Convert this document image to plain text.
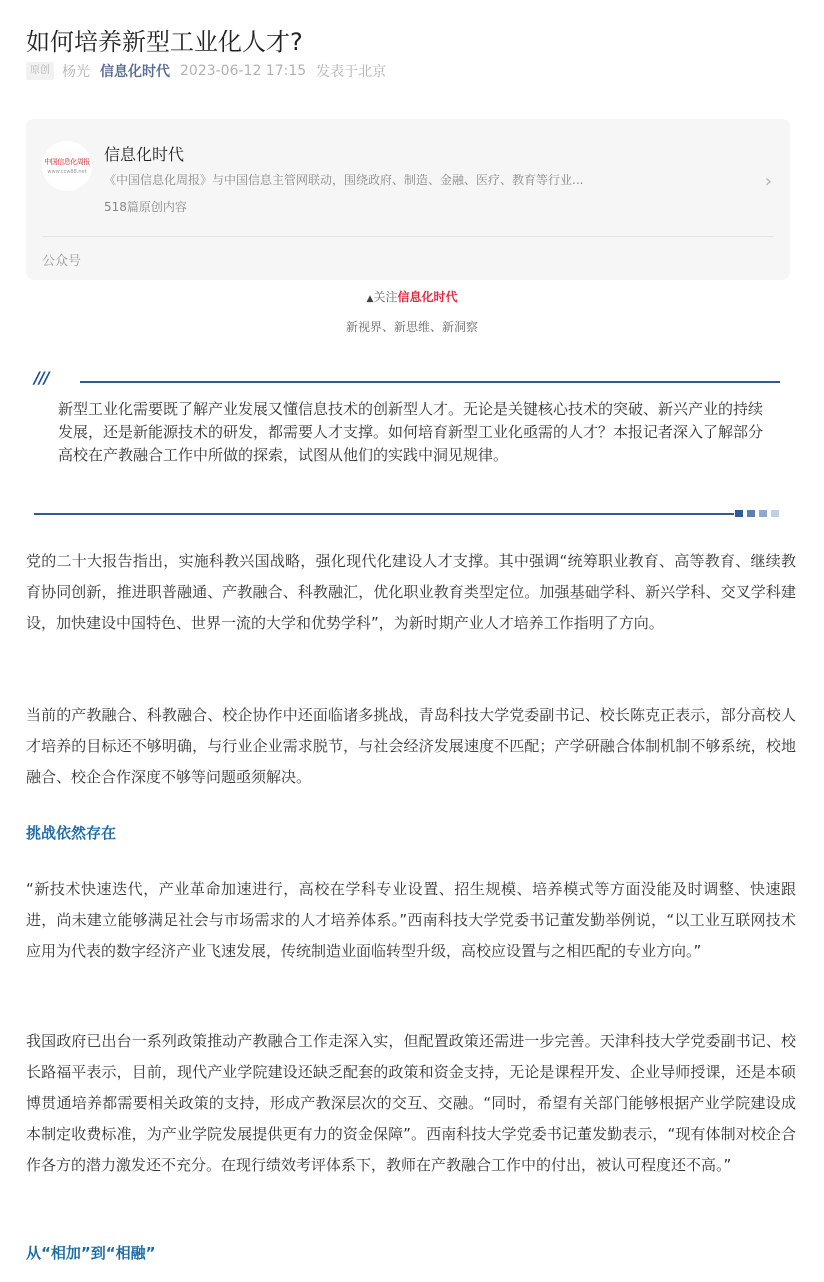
如何培养新型工业化人才?
原创 杨光 信息化时代 2023-06-12 17:15 发表于北京
中国信息化周报
www.ccw88.net
信息化时代
《中国信息化周报》与中国信息主管网联动，围绕政府、制造、金融、医疗、教育等行业...
518篇原创内容
›
公众号
▲关注信息化时代
新视界、新思维、新洞察
///
新型工业化需要既了解产业发展又懂信息技术的创新型人才。无论是关键核心技术的突破、新兴产业的持续发展，还是新能源技术的研发，都需要人才支撑。如何培育新型工业化亟需的人才？本报记者深入了解部分高校在产教融合工作中所做的探索，试图从他们的实践中洞见规律。

党的二十大报告指出，实施科教兴国战略，强化现代化建设人才支撑。其中强调“统筹职业教育、高等教育、继续教育协同创新，推进职普融通、产教融合、科教融汇，优化职业教育类型定位。加强基础学科、新兴学科、交叉学科建设，加快建设中国特色、世界一流的大学和优势学科”，为新时期产业人才培养工作指明了方向。

当前的产教融合、科教融合、校企协作中还面临诸多挑战，青岛科技大学党委副书记、校长陈克正表示，部分高校人才培养的目标还不够明确，与行业企业需求脱节，与社会经济发展速度不匹配；产学研融合体制机制不够系统，校地融合、校企合作深度不够等问题亟须解决。

挑战依然存在

“新技术快速迭代，产业革命加速进行，高校在学科专业设置、招生规模、培养模式等方面没能及时调整、快速跟进，尚未建立能够满足社会与市场需求的人才培养体系。”西南科技大学党委书记董发勤举例说，“以工业互联网技术应用为代表的数字经济产业飞速发展，传统制造业面临转型升级，高校应设置与之相匹配的专业方向。”

我国政府已出台一系列政策推动产教融合工作走深入实，但配置政策还需进一步完善。天津科技大学党委副书记、校长路福平表示，目前，现代产业学院建设还缺乏配套的政策和资金支持，无论是课程开发、企业导师授课，还是本硕博贯通培养都需要相关政策的支持，形成产教深层次的交互、交融。“同时，希望有关部门能够根据产业学院建设成本制定收费标准，为产业学院发展提供更有力的资金保障”。西南科技大学党委书记董发勤表示，“现有体制对校企合作各方的潜力激发还不充分。在现行绩效考评体系下，教师在产教融合工作中的付出，被认可程度还不高。”

从“相加”到“相融”
